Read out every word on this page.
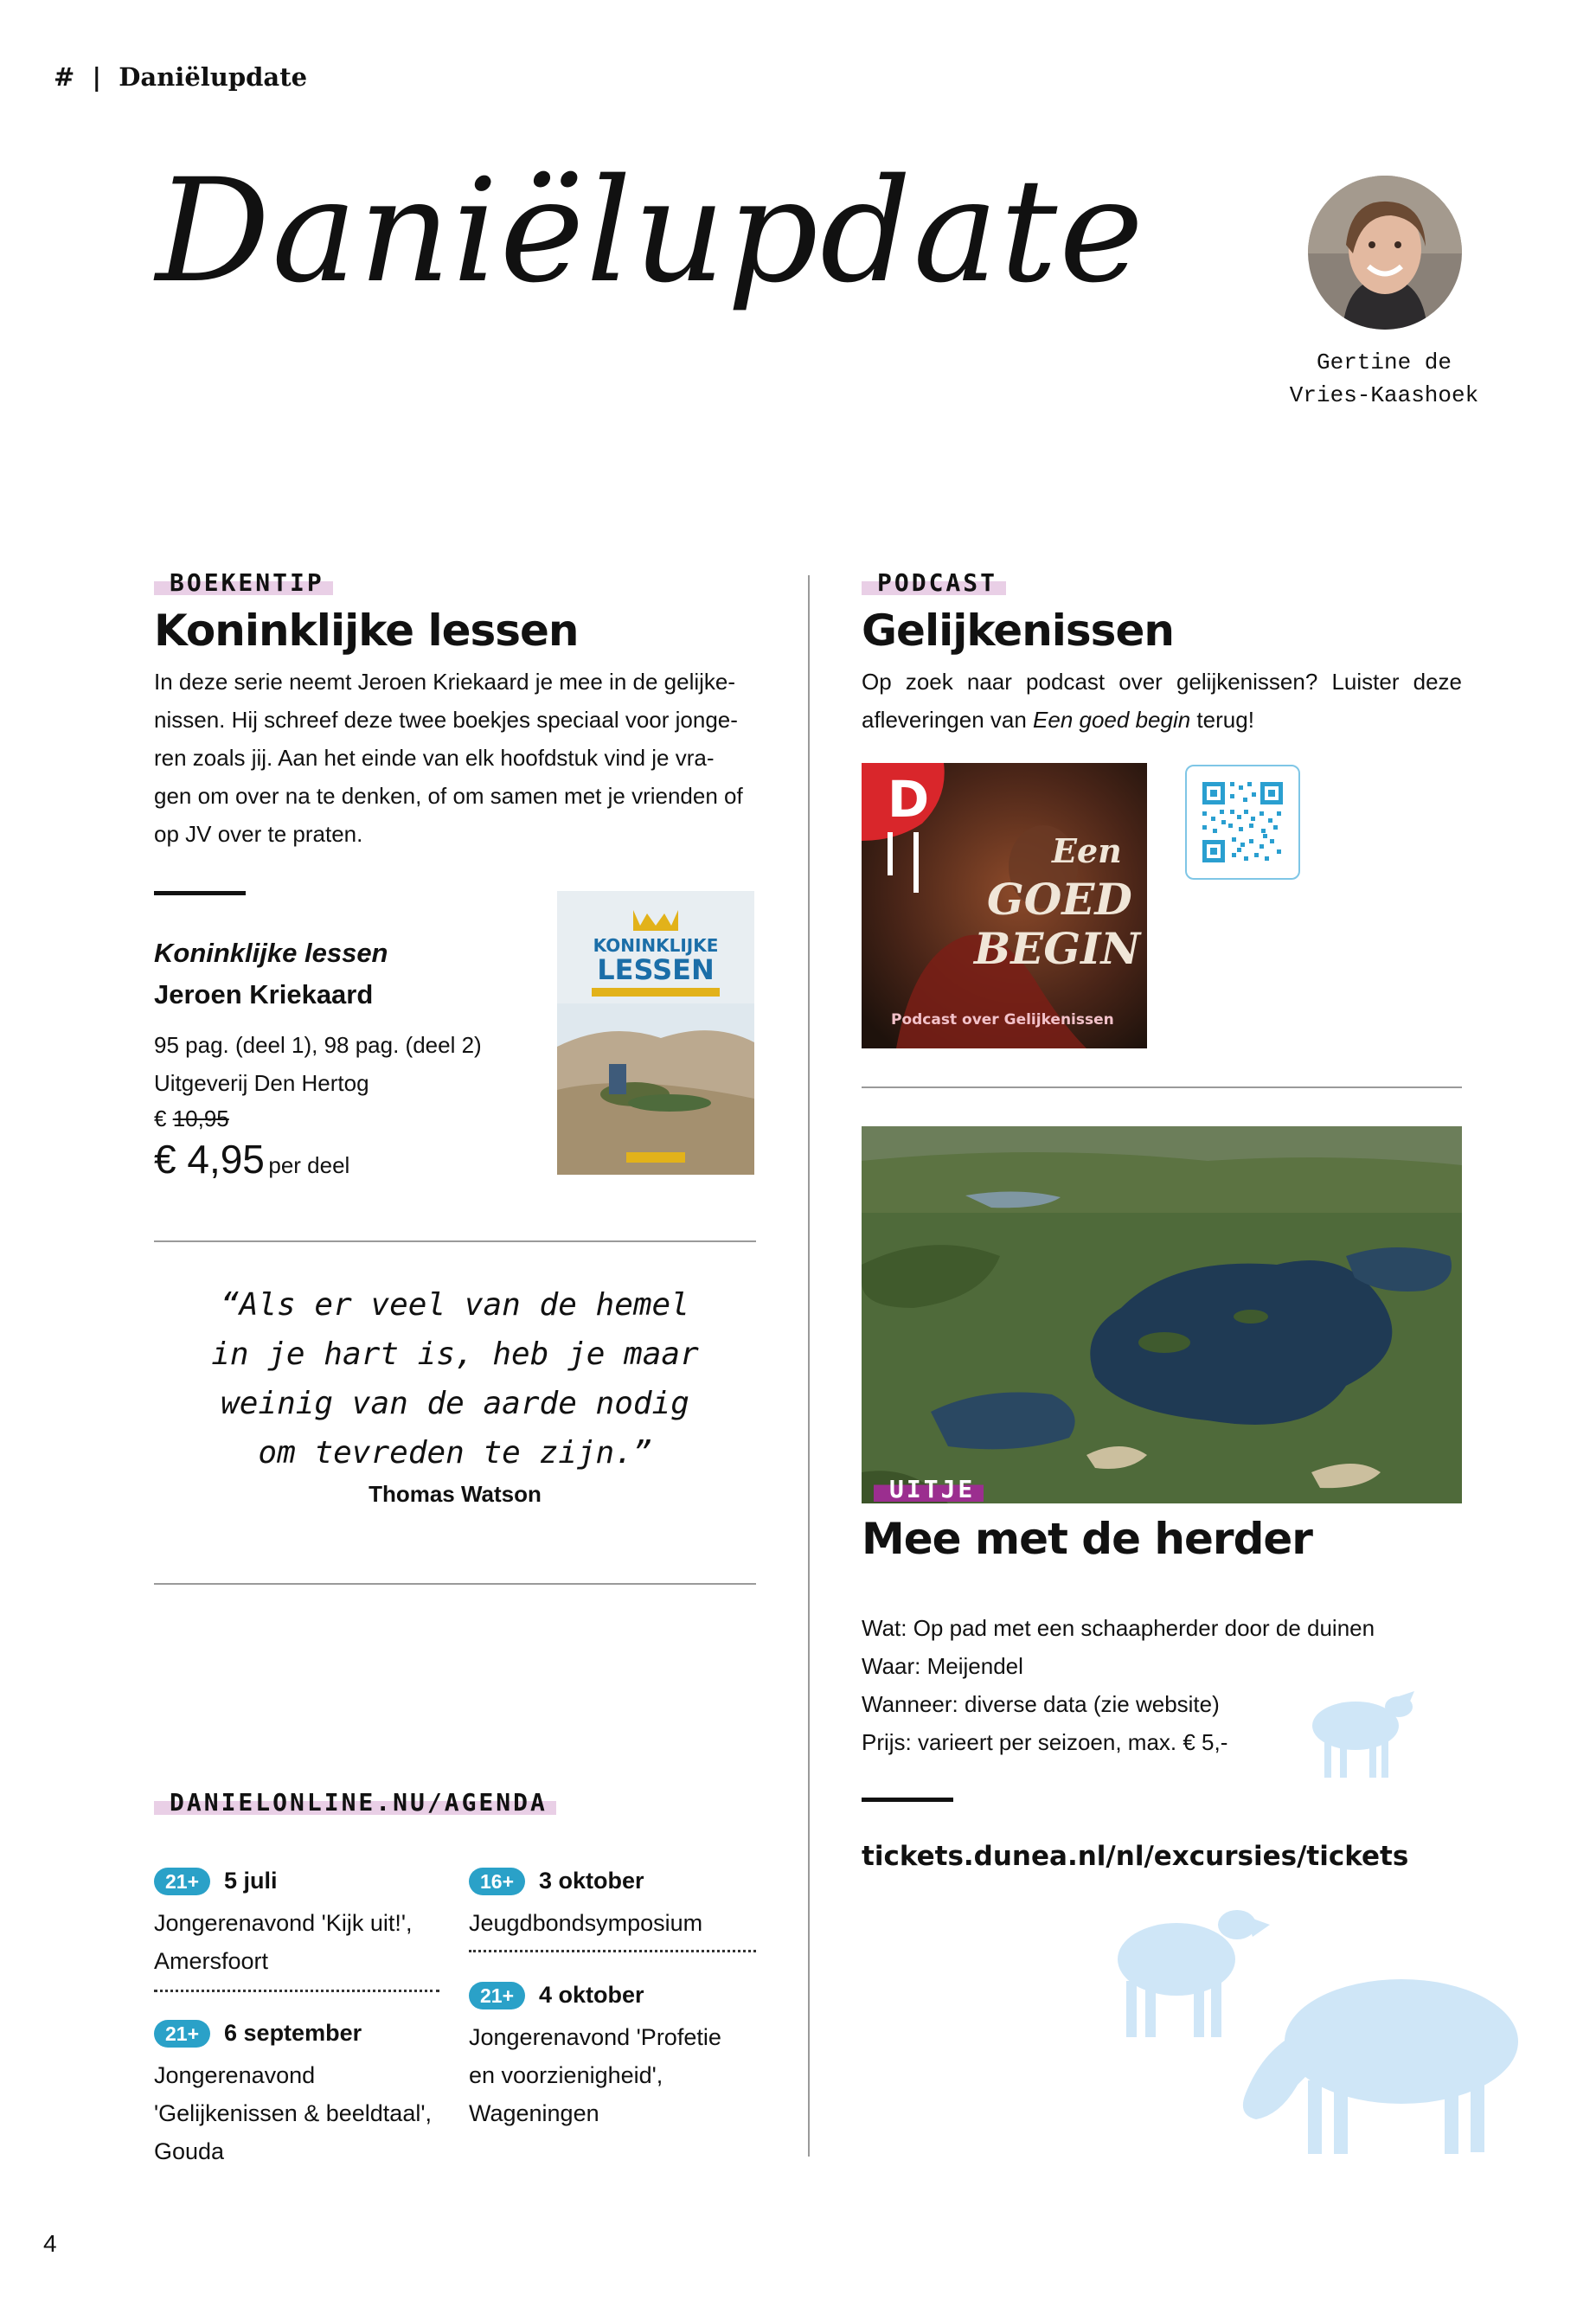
#  |  Daniëlupdate
Daniëlupdate
Gertine de
Vries-Kaashoek
BOEKENTIP
Koninklijke lessen
In deze serie neemt Jeroen Kriekaard je mee in de gelijke-
nissen. Hij schreef deze twee boekjes speciaal voor jonge-
ren zoals jij. Aan het einde van elk hoofdstuk vind je vra-
gen om over na te denken, of om samen met je vrienden of
op JV over te praten.
Koninklijke lessen
Jeroen Kriekaard
95 pag. (deel 1), 98 pag. (deel 2)
Uitgeverij Den Hertog
€ 10,95
€ 4,95 per deel
KONINKLIJKE
LESSEN
“Als er veel van de hemel
in je hart is, heb je maar
weinig van de aarde nodig
om tevreden te zijn.”
Thomas Watson
DANIELONLINE.NU/AGENDA
21+ 5 juli
Jongerenavond 'Kijk uit!',
Amersfoort
21+ 6 september
Jongerenavond
'Gelijkenissen & beeldtaal',
Gouda
16+ 3 oktober
Jeugdbondsymposium
21+ 4 oktober
Jongerenavond 'Profetie
en voorzienigheid',
Wageningen
PODCAST
Gelijkenissen
Op zoek naar podcast over gelijkenissen? Luister deze
afleveringen van Een goed begin terug!
D
Een
GOED
BEGIN
Podcast over Gelijkenissen
UITJE
Mee met de herder
Wat: Op pad met een schaapherder door de duinen
Waar: Meijendel
Wanneer: diverse data (zie website)
Prijs: varieert per seizoen, max. € 5,-
tickets.dunea.nl/nl/excursies/tickets
4
